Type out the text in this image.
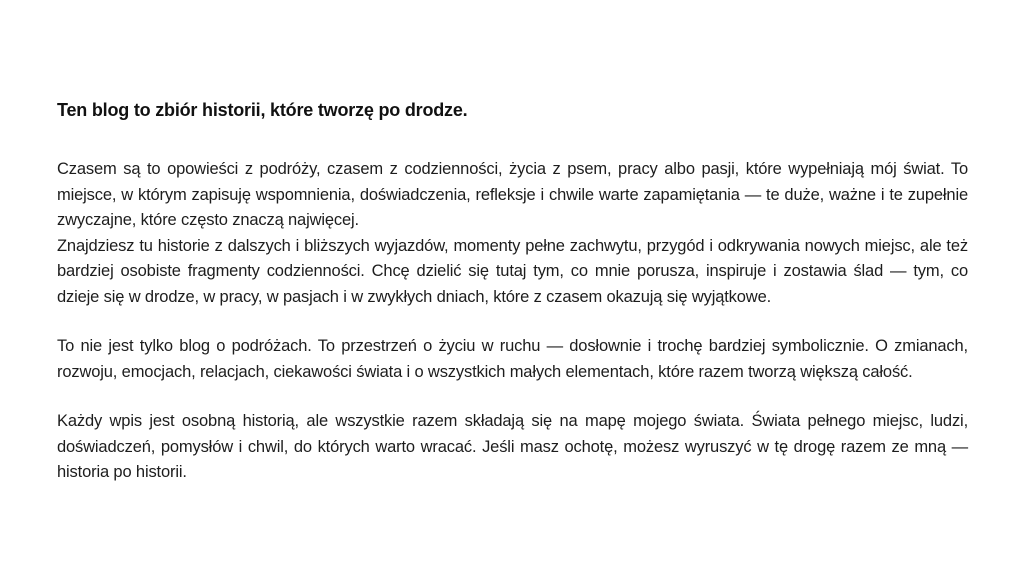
Ten blog to zbiór historii, które tworzę po drodze.

Czasem są to opowieści z podróży, czasem z codzienności, życia z psem, pracy albo pasji, które wypełniają mój świat. To miejsce, w którym zapisuję wspomnienia, doświadczenia, refleksje i chwile warte zapamiętania — te duże, ważne i te zupełnie zwyczajne, które często znaczą najwięcej.

Znajdziesz tu historie z dalszych i bliższych wyjazdów, momenty pełne zachwytu, przygód i odkrywania nowych miejsc, ale też bardziej osobiste fragmenty codzienności. Chcę dzielić się tutaj tym, co mnie porusza, inspiruje i zostawia ślad — tym, co dzieje się w drodze, w pracy, w pasjach i w zwykłych dniach, które z czasem okazują się wyjątkowe.

To nie jest tylko blog o podróżach. To przestrzeń o życiu w ruchu — dosłownie i trochę bardziej symbolicznie. O zmianach, rozwoju, emocjach, relacjach, ciekawości świata i o wszystkich małych elementach, które razem tworzą większą całość.

Każdy wpis jest osobną historią, ale wszystkie razem składają się na mapę mojego świata. Świata pełnego miejsc, ludzi, doświadczeń, pomysłów i chwil, do których warto wracać. Jeśli masz ochotę, możesz wyruszyć w tę drogę razem ze mną — historia po historii.
